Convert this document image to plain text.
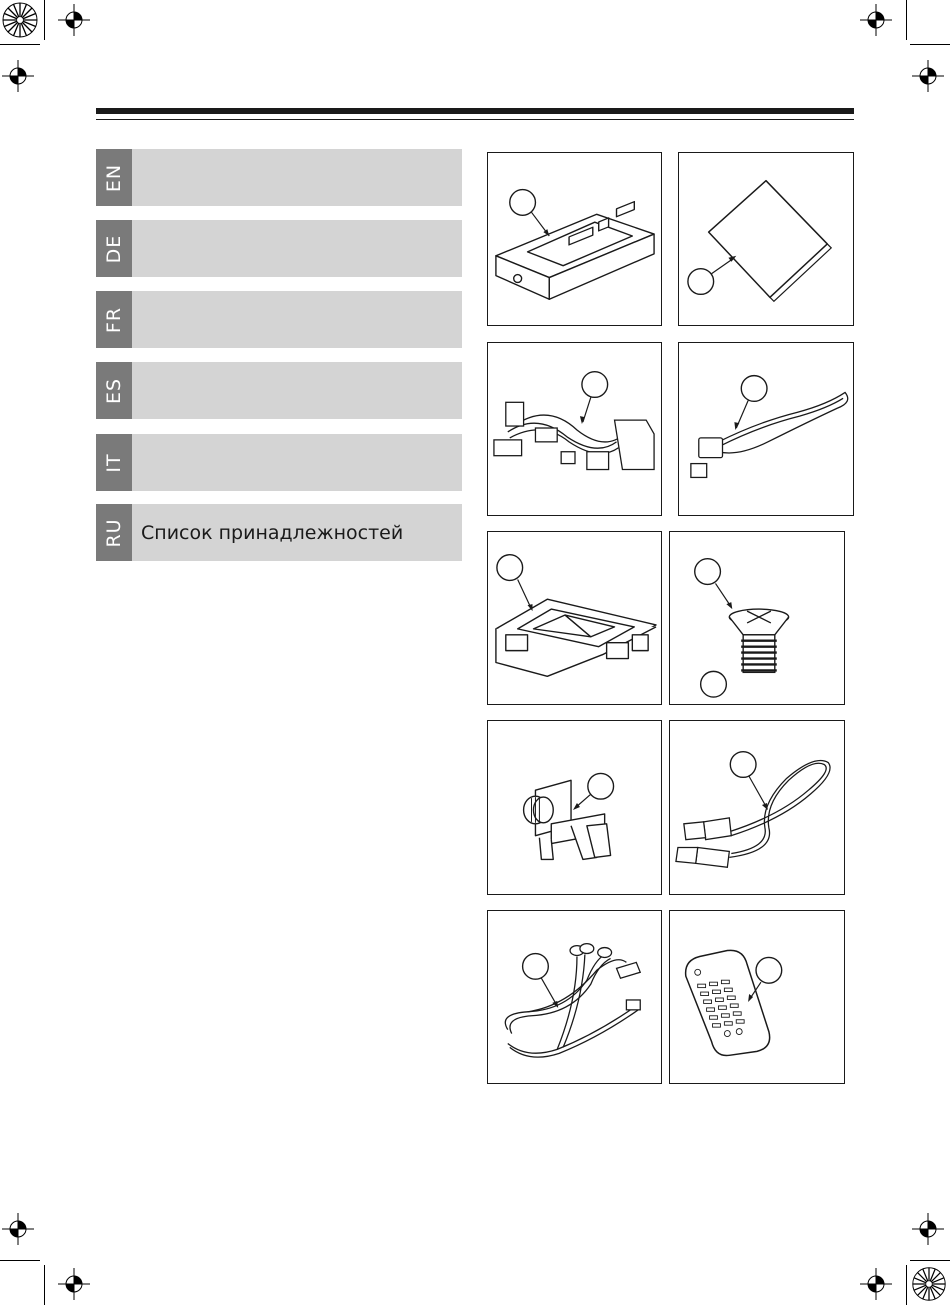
EN
DE
FR
ES
IT
RU Список принадлежностей
